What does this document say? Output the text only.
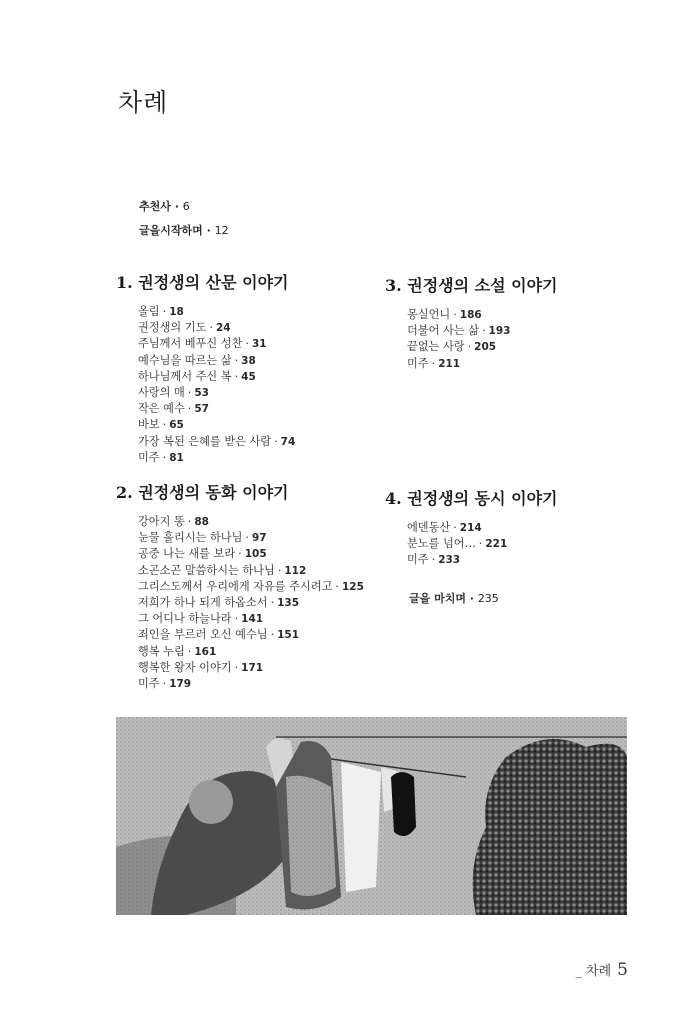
차례
추천사 · 6
글을시작하며 · 12
1. 권정생의 산문 이야기
올림 · 18
권정생의 기도 · 24
주님께서 베푸신 성찬 · 31
예수님을 따르는 삶 · 38
하나님께서 주신 복 · 45
사랑의 매 · 53
작은 예수 · 57
바보 · 65
가장 복된 은혜를 받은 사람 · 74
미주 · 81
2. 권정생의 동화 이야기
강아지 똥 · 88
눈물 흘리시는 하나님 · 97
공중 나는 새를 보라 · 105
소곤소곤 말씀하시는 하나님 · 112
그리스도께서 우리에게 자유를 주시려고 · 125
저희가 하나 되게 하옵소서 · 135
그 어디나 하늘나라 · 141
죄인을 부르러 오신 예수님 · 151
행복 누림 · 161
행복한 왕자 이야기 · 171
미주 · 179
3. 권정생의 소설 이야기
몽실언니 · 186
더불어 사는 삶 · 193
끝없는 사랑 · 205
미주 · 211
4. 권정생의 동시 이야기
에덴동산 · 214
분노를 넘어… · 221
미주 · 233
글을 마치며 · 235
_ 차례 5
